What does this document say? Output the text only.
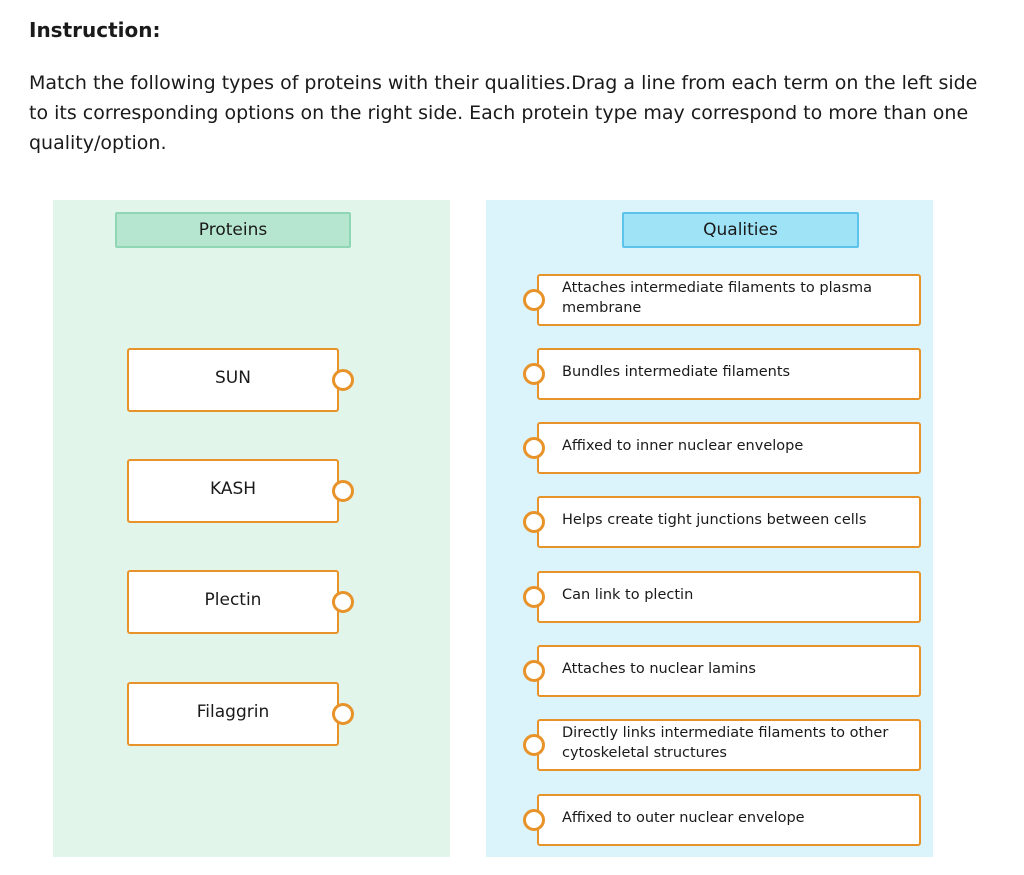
Instruction:
Match the following types of proteins with their qualities.Drag a line from each term on the left side to its corresponding options on the right side. Each protein type may correspond to more than one quality/option.
Proteins	Qualities
SUN
KASH
Plectin
Filaggrin
Attaches intermediate filaments to plasma membrane
Bundles intermediate filaments
Affixed to inner nuclear envelope
Helps create tight junctions between cells
Can link to plectin
Attaches to nuclear lamins
Directly links intermediate filaments to other cytoskeletal structures
Affixed to outer nuclear envelope
